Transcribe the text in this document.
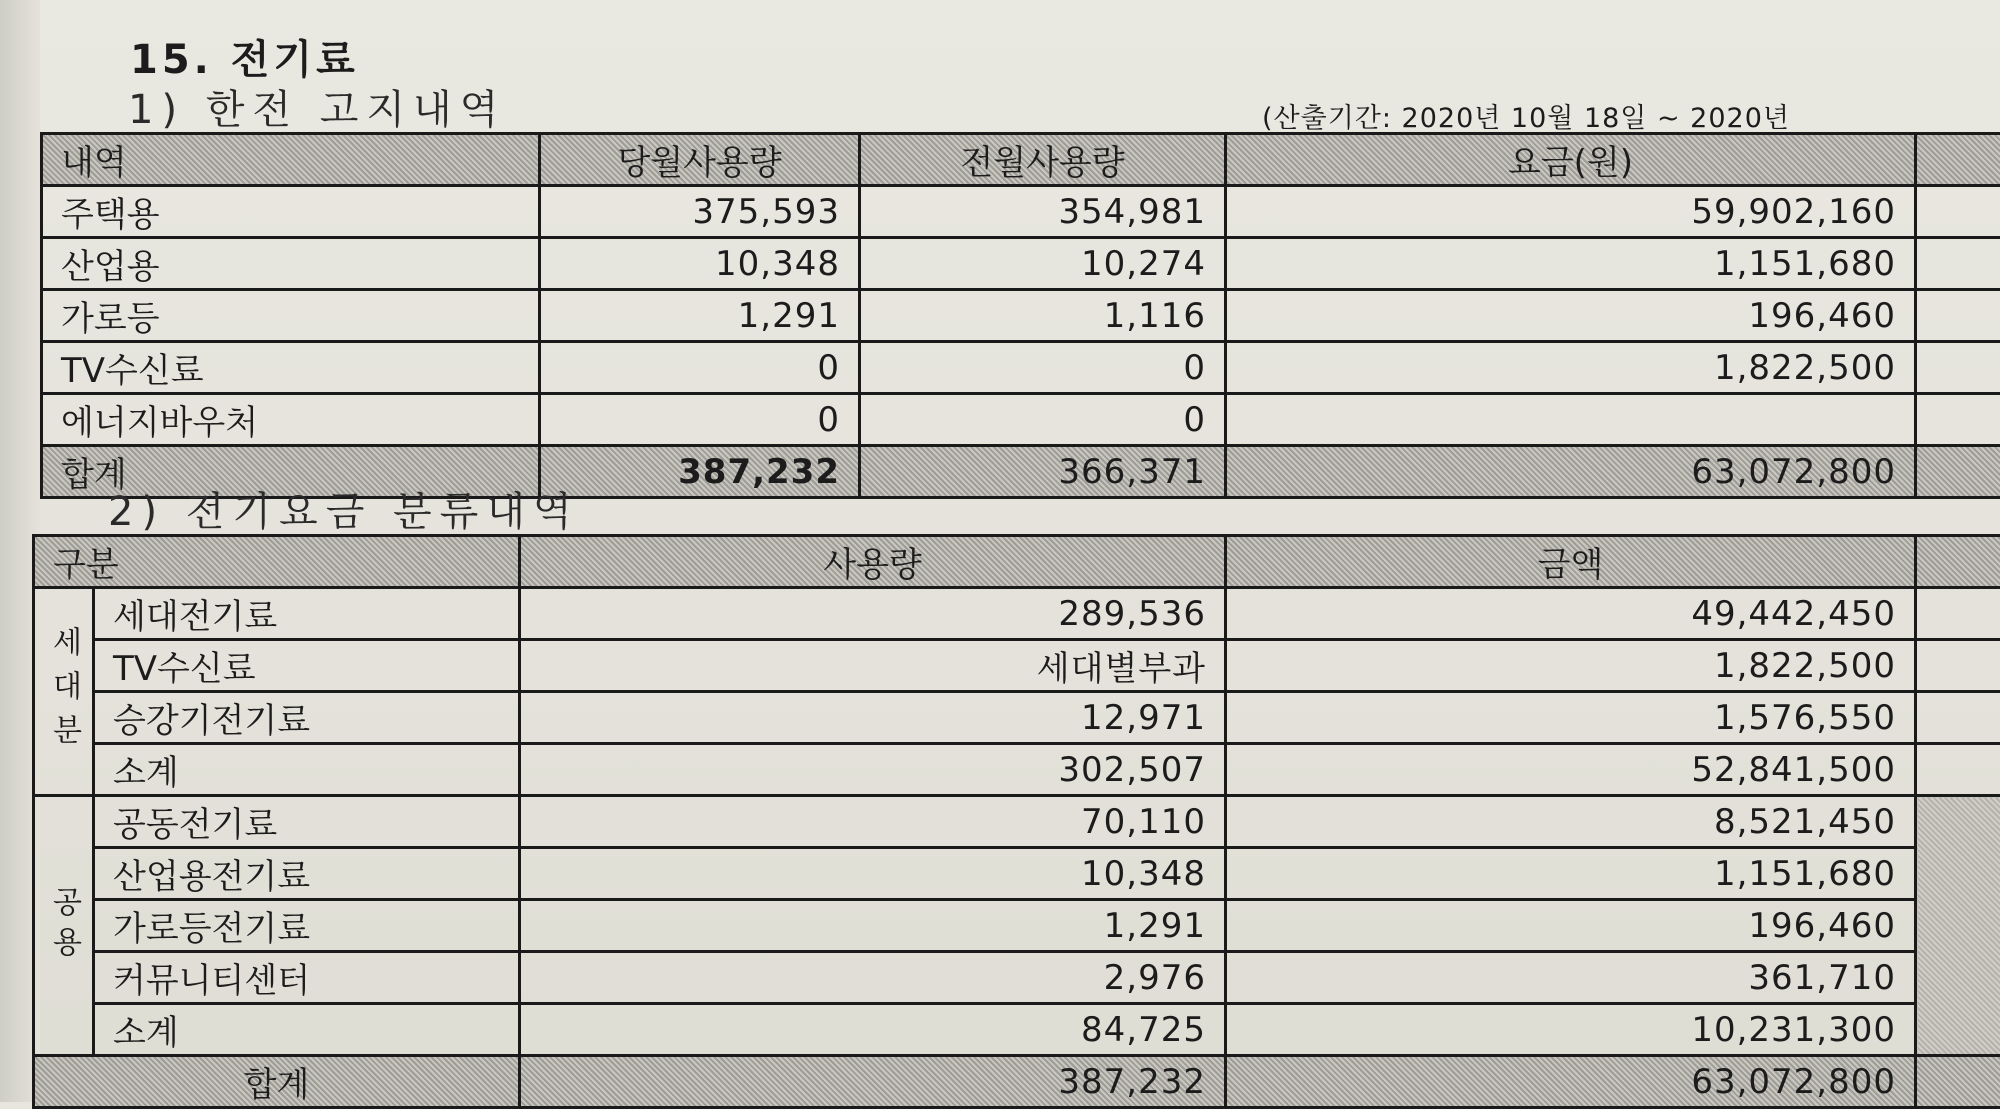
15. 전기료
1) 한전 고지내역	(산출기간: 2020년 10월 18일 ~ 2020년
내역	당월사용량	전월사용량	요금(원)	
주택용	375,593	354,981	59,902,160	
산업용	10,348	10,274	1,151,680	
가로등	1,291	1,116	196,460	
TV수신료	0	0	1,822,500	
에너지바우처	0	0		
합계	387,232	366,371	63,072,800	
2) 전기요금 분류내역
구분		사용량	금액	
세대분	세대전기료	289,536	49,442,450	
	TV수신료	세대별부과	1,822,500	
	승강기전기료	12,971	1,576,550	
	소계	302,507	52,841,500	
공용	공동전기료	70,110	8,521,450	
	산업용전기료	10,348	1,151,680	
	가로등전기료	1,291	196,460	
	커뮤니티센터	2,976	361,710	
	소계	84,725	10,231,300	
합계		387,232	63,072,800	
